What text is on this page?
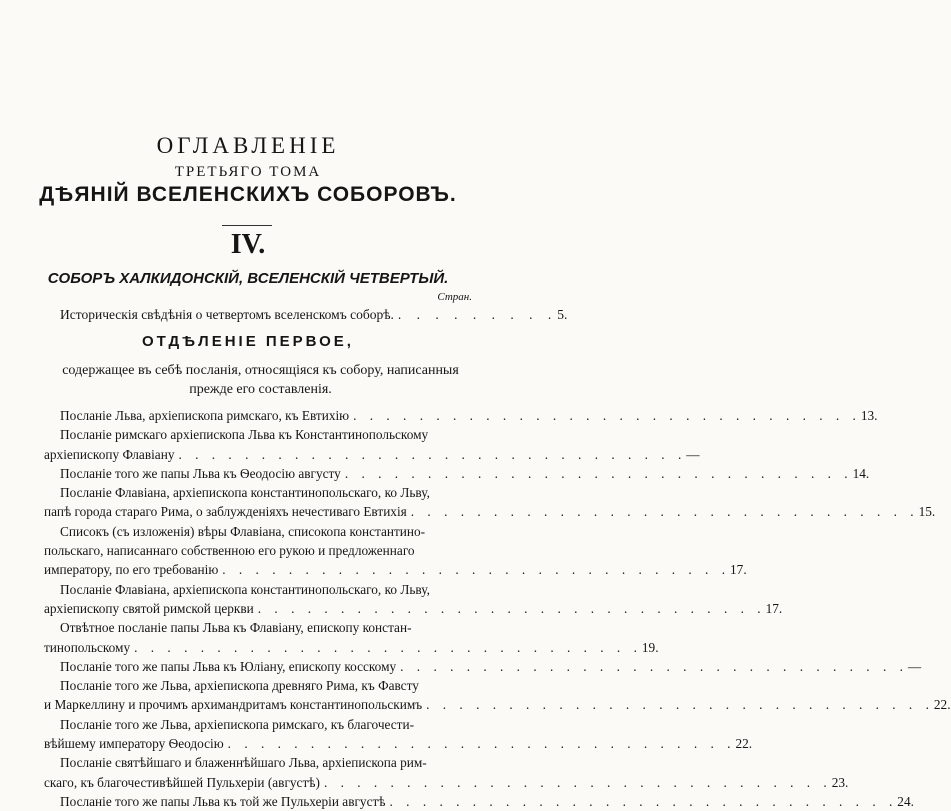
ОГЛАВЛЕНІЕ
ТРЕТЬЯГО ТОМА
ДѢЯНІЙ ВСЕЛЕНСКИХЪ СОБОРОВЪ.
IV.
СОБОРЪ ХАЛКИДОНСКІЙ, ВСЕЛЕНСКІЙ ЧЕТВЕРТЫЙ.
Стран.
Историческія свѣдѣнія о четвертомъ вселенскомъ соборѣ. . . . . . . . . . 5.
ОТДѢЛЕНІЕ ПЕРВОЕ,
содержащее въ себѣ посланія, относящіяся къ собору, написанныя прежде его составленія.
Посланіе Льва, архіепископа римскаго, къ Евтихію . . . . . . . . . . . . . . . . . . . . . . . . . . . . . . . 13.
Посланіе римскаго архіепископа Льва къ Константинопольскому
архіепископу Флавіану . . . . . . . . . . . . . . . . . . . . . . . . . . . . . . . —
Посланіе того же папы Льва къ Ѳеодосію августу . . . . . . . . . . . . . . . . . . . . . . . . . . . . . . . 14.
Посланіе Флавіана, архіепископа константинопольскаго, ко Льву,
папѣ города стараго Рима, о заблужденіяхъ нечестиваго Евтихія . . . . . . . . . . . . . . . . . . . . . . . . . . . . . . . 15.
Списокъ (съ изложенія) вѣры Флавіана, списокопа константино-
польскаго, написаннаго собственною его рукою и предложеннаго
императору, по его требованію . . . . . . . . . . . . . . . . . . . . . . . . . . . . . . . 17.
Посланіе Флавіана, архіепископа константинопольскаго, ко Льву,
архіепископу святой римской церкви . . . . . . . . . . . . . . . . . . . . . . . . . . . . . . . 17.
Отвѣтное посланіе папы Льва къ Флавіану, епископу констан-
тинопольскому . . . . . . . . . . . . . . . . . . . . . . . . . . . . . . . 19.
Посланіе того же папы Льва къ Юліану, епископу косскому . . . . . . . . . . . . . . . . . . . . . . . . . . . . . . . —
Посланіе того же Льва, архіепископа древняго Рима, къ Фавсту
и Маркеллину и прочимъ архимандритамъ константинопольскимъ . . . . . . . . . . . . . . . . . . . . . . . . . . . . . . . 22.
Посланіе того же Льва, архіепископа римскаго, къ благочести-
вѣйшему императору Ѳеодосію . . . . . . . . . . . . . . . . . . . . . . . . . . . . . . . 22.
Посланіе святѣйшаго и блаженнѣйшаго Льва, архіепископа рим-
скаго, къ благочестивѣйшей Пульхеріи (августѣ) . . . . . . . . . . . . . . . . . . . . . . . . . . . . . . . 23.
Посланіе того же папы Льва къ той же Пульхеріи августѣ . . . . . . . . . . . . . . . . . . . . . . . . . . . . . . . 24.
